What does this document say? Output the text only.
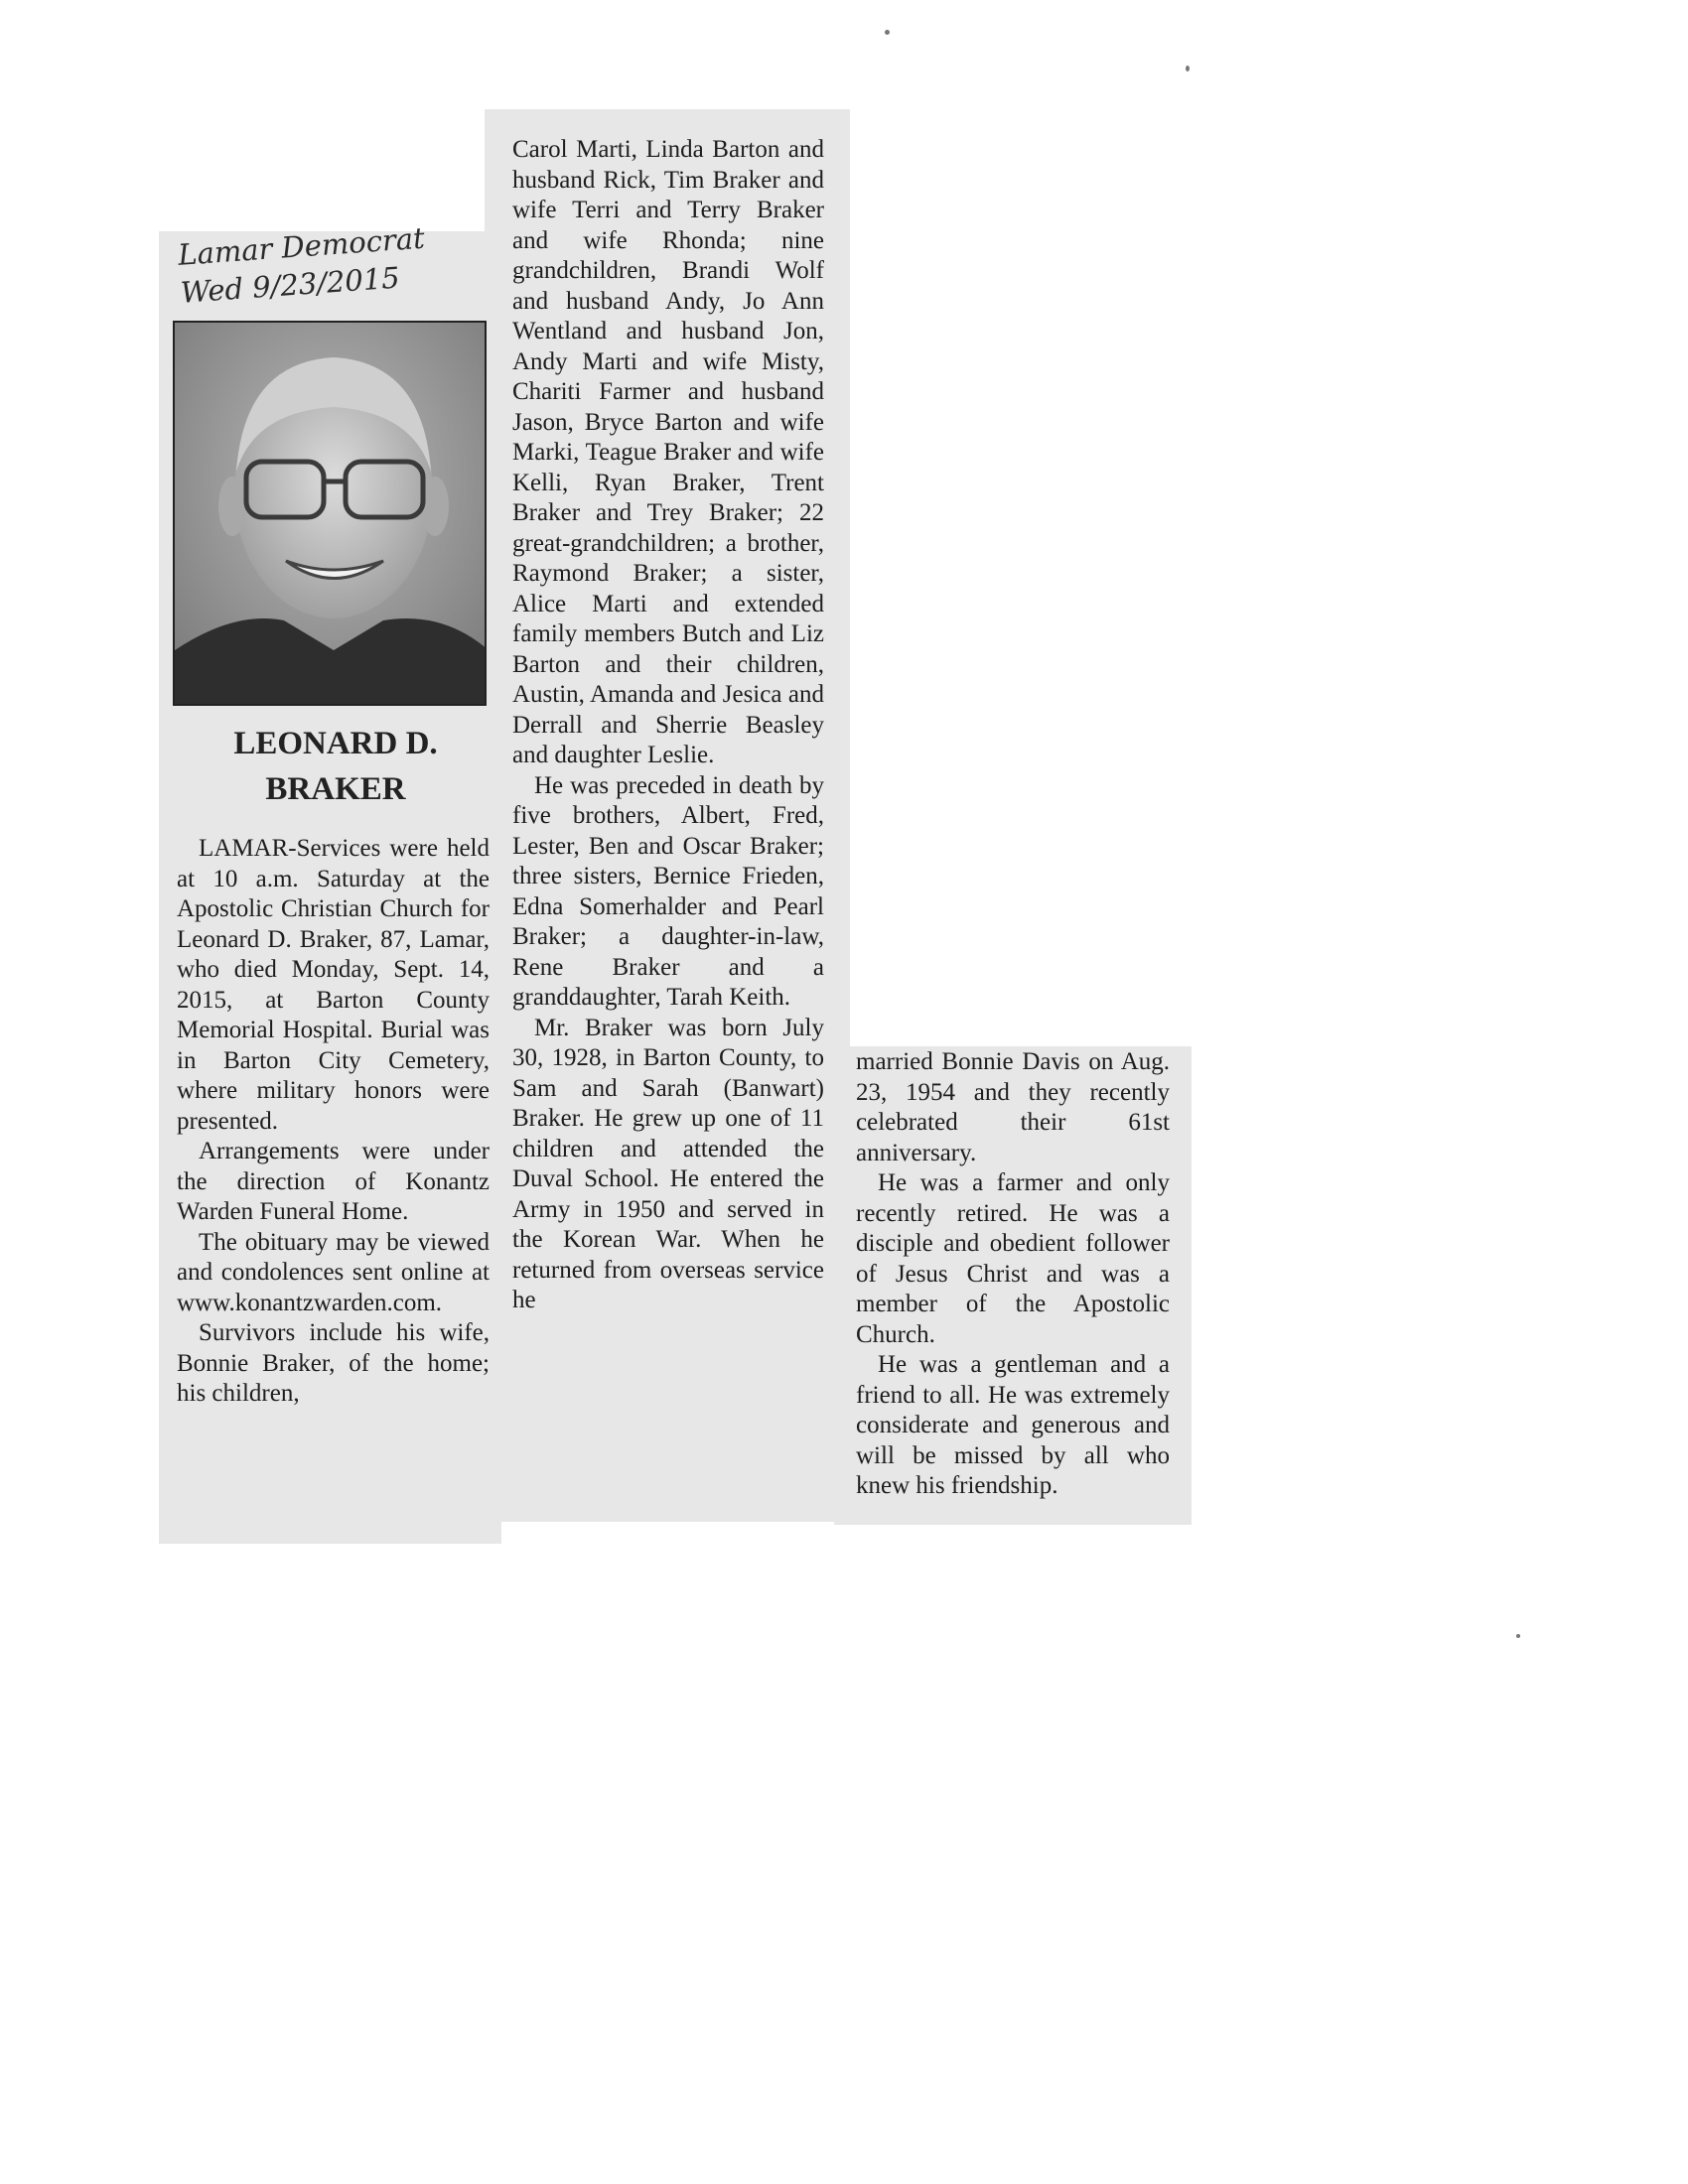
Lamar Democrat
Wed 9/23/2015
LEONARD D.
BRAKER

LAMAR-Services were held at 10 a.m. Saturday at the Apostolic Christian Church for Leonard D. Braker, 87, Lamar, who died Monday, Sept. 14, 2015, at Barton County Memorial Hospital. Burial was in Barton City Cemetery, where military honors were presented.

Arrangements were under the direction of Konantz Warden Funeral Home.

The obituary may be viewed and condolences sent online at www.konantzwarden.com.

Survivors include his wife, Bonnie Braker, of the home; his children,

Carol Marti, Linda Barton and husband Rick, Tim Braker and wife Terri and Terry Braker and wife Rhonda; nine grandchildren, Brandi Wolf and husband Andy, Jo Ann Wentland and husband Jon, Andy Marti and wife Misty, Chariti Farmer and husband Jason, Bryce Barton and wife Marki, Teague Braker and wife Kelli, Ryan Braker, Trent Braker and Trey Braker; 22 great-grandchildren; a brother, Raymond Braker; a sister, Alice Marti and extended family members Butch and Liz Barton and their children, Austin, Amanda and Jesica and Derrall and Sherrie Beasley and daughter Leslie.

He was preceded in death by five brothers, Albert, Fred, Lester, Ben and Oscar Braker; three sisters, Bernice Frieden, Edna Somerhalder and Pearl Braker; a daughter-in-law, Rene Braker and a granddaughter, Tarah Keith.

Mr. Braker was born July 30, 1928, in Barton County, to Sam and Sarah (Banwart) Braker. He grew up one of 11 children and attended the Duval School. He entered the Army in 1950 and served in the Korean War. When he returned from overseas service he

married Bonnie Davis on Aug. 23, 1954 and they recently celebrated their 61st anniversary.

He was a farmer and only recently retired. He was a disciple and obedient follower of Jesus Christ and was a member of the Apostolic Church.

He was a gentleman and a friend to all. He was extremely considerate and generous and will be missed by all who knew his friendship.
